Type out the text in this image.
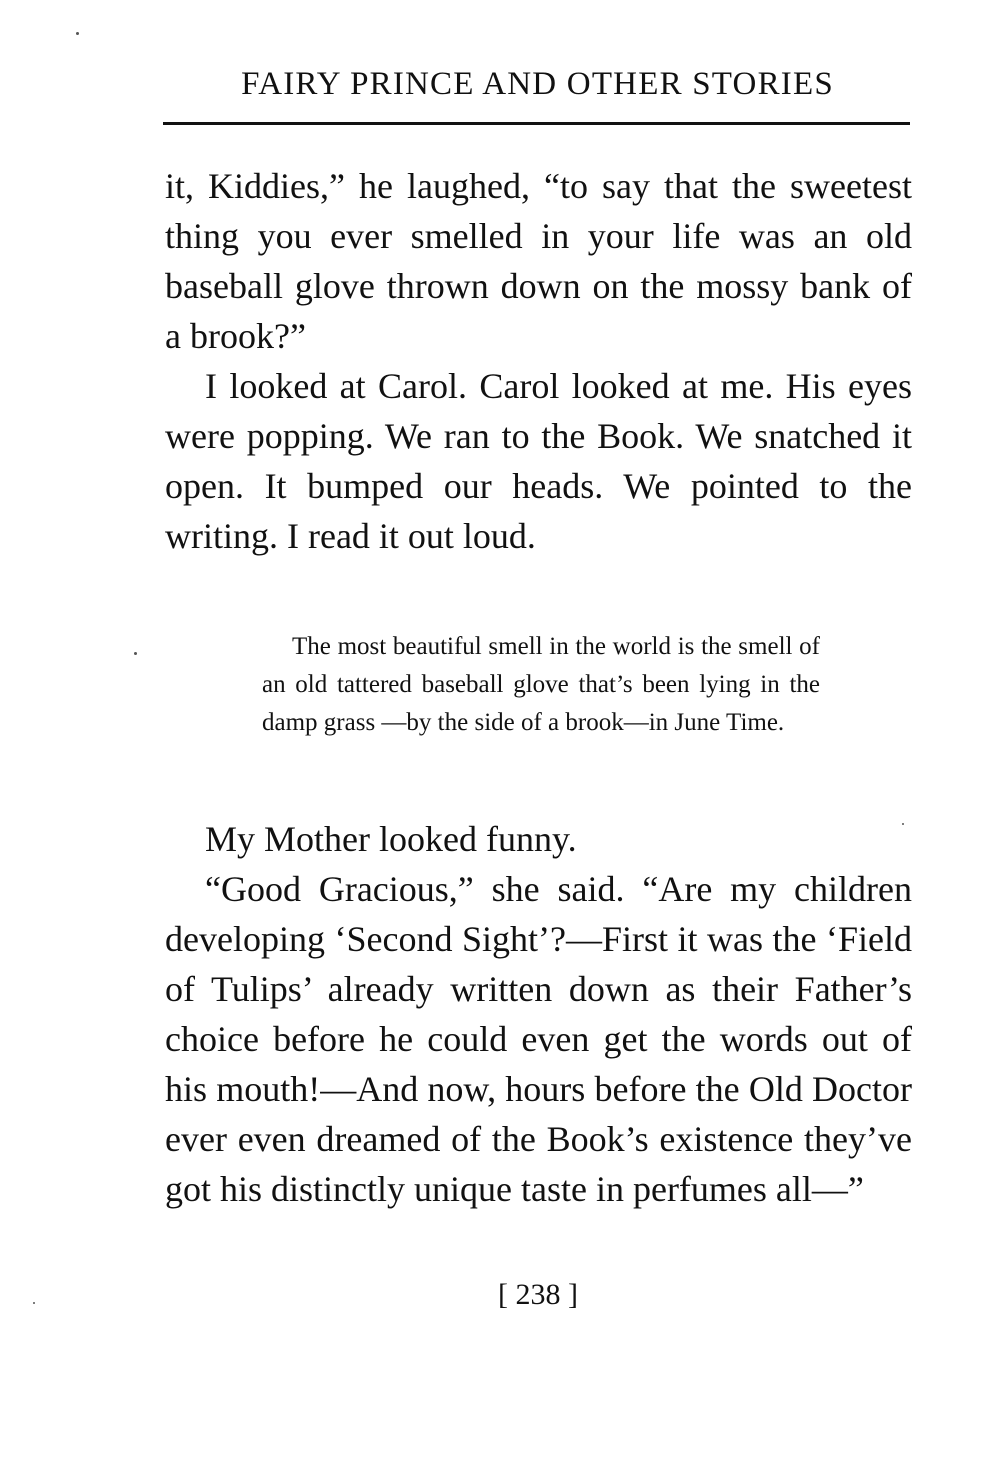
FAIRY PRINCE AND OTHER STORIES

it, Kiddies,” he laughed, “to say that the sweetest thing you ever smelled in your life was an old baseball glove thrown down on the mossy bank of a brook?”

I looked at Carol. Carol looked at me. His eyes were popping. We ran to the Book. We snatched it open. It bumped our heads. We pointed to the writing. I read it out loud.

The most beautiful smell in the world is the smell of an old tattered baseball glove that’s been lying in the damp grass —by the side of a brook—in June Time.

My Mother looked funny.

“Good Gracious,” she said. “Are my children developing ‘Second Sight’?—First it was the ‘Field of Tulips’ already written down as their Father’s choice before he could even get the words out of his mouth!—And now, hours before the Old Doctor ever even dreamed of the Book’s existence they’ve got his distinctly unique taste in perfumes all—”

[ 238 ]
